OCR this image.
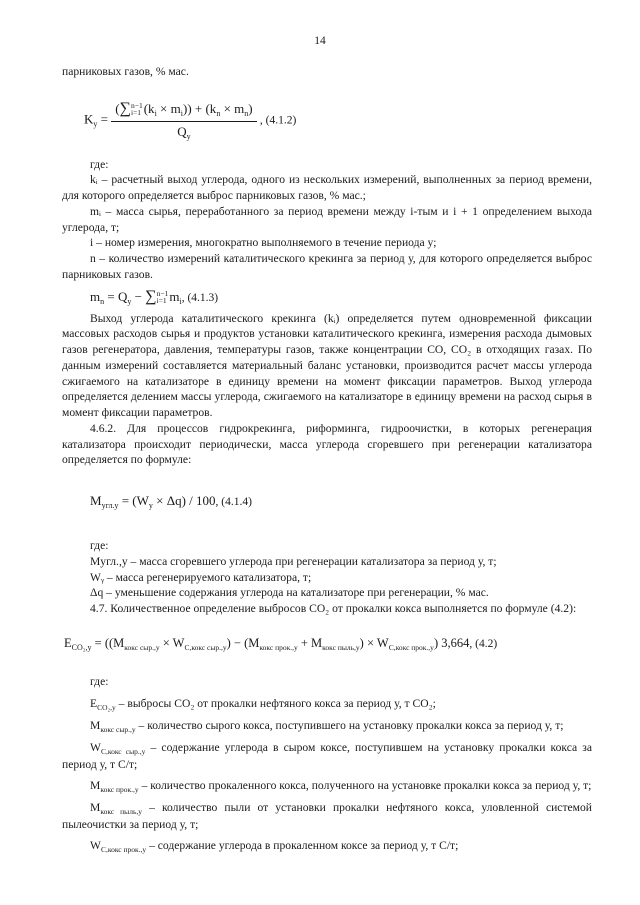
14
парниковых газов, % мас.
$K_y$ = (∑ n−1
i=1 $(k_i \times m_i)) + (k_n \times m_n)$
$Q_y$ , (4.1.2)
где:
kᵢ – расчетный выход углерода, одного из нескольких измерений, выполненных за период времени, для которого определяется выброс парниковых газов, % мас.;
mᵢ – масса сырья, переработанного за период времени между i-тым и i + 1 определением выхода углерода, т;
i – номер измерения, многократно выполняемого в течение периода у;
n – количество измерений каталитического крекинга за период у, для которого определяется выброс парниковых газов.
$m_n = Q_y$ − ∑ n−1
i=1 $m_i$, (4.1.3)
Выход углерода каталитического крекинга (kᵢ) определяется путем одновременной фиксации массовых расходов сырья и продуктов установки каталитического крекинга, измерения расхода дымовых газов регенератора, давления, температуры газов, также концентрации CO, CO₂ в отходящих газах. По данным измерений составляется материальный баланс установки, производится расчет массы углерода сжигаемого на катализаторе в единицу времени на момент фиксации параметров. Выход углерода определяется делением массы углерода, сжигаемого на катализаторе в единицу времени на расход сырья в момент фиксации параметров.
4.6.2. Для процессов гидрокрекинга, риформинга, гидроочистки, в которых регенерация катализатора происходит периодически, масса углерода сгоревшего при регенерации катализатора определяется по формуле:
$M_{угл.у} = (W_y \times \Delta q) / 100$, (4.1.4)
где:
Mугл.,у – масса сгоревшего углерода при регенерации катализатора за период у, т;
Wᵧ – масса регенерируемого катализатора, т;
Δq – уменьшение содержания углерода на катализаторе при регенерации, % мас.
4.7. Количественное определение выбросов CO₂ от прокалки кокса выполняется по формуле (4.2):
$E_{CO_2,y} = ((M_{кокс сыр.,y} \times W_{C,кокс сыр.,y}) - (M_{кокс прок.,y} + M_{кокс пыль,y}) \times W_{C,кокс прок.,y})$ 3,664, (4.2)
где:
$E_{CO_2,y}$ – выбросы CO₂ от прокалки нефтяного кокса за период у, т CO₂;
$M_{кокс сыр.,у}$ – количество сырого кокса, поступившего на установку прокалки кокса за период у, т;
$W_{С,кокс сыр.,у}$ – содержание углерода в сыром коксе, поступившем на установку прокалки кокса за период у, т С/т;
$M_{кокс прок.,у}$ – количество прокаленного кокса, полученного на установке прокалки кокса за период у, т;
$M_{кокс пыль,у}$ – количество пыли от установки прокалки нефтяного кокса, уловленной системой пылеочистки за период у, т;
$W_{С,кокс прок.,у}$ – содержание углерода в прокаленном коксе за период у, т С/т;
